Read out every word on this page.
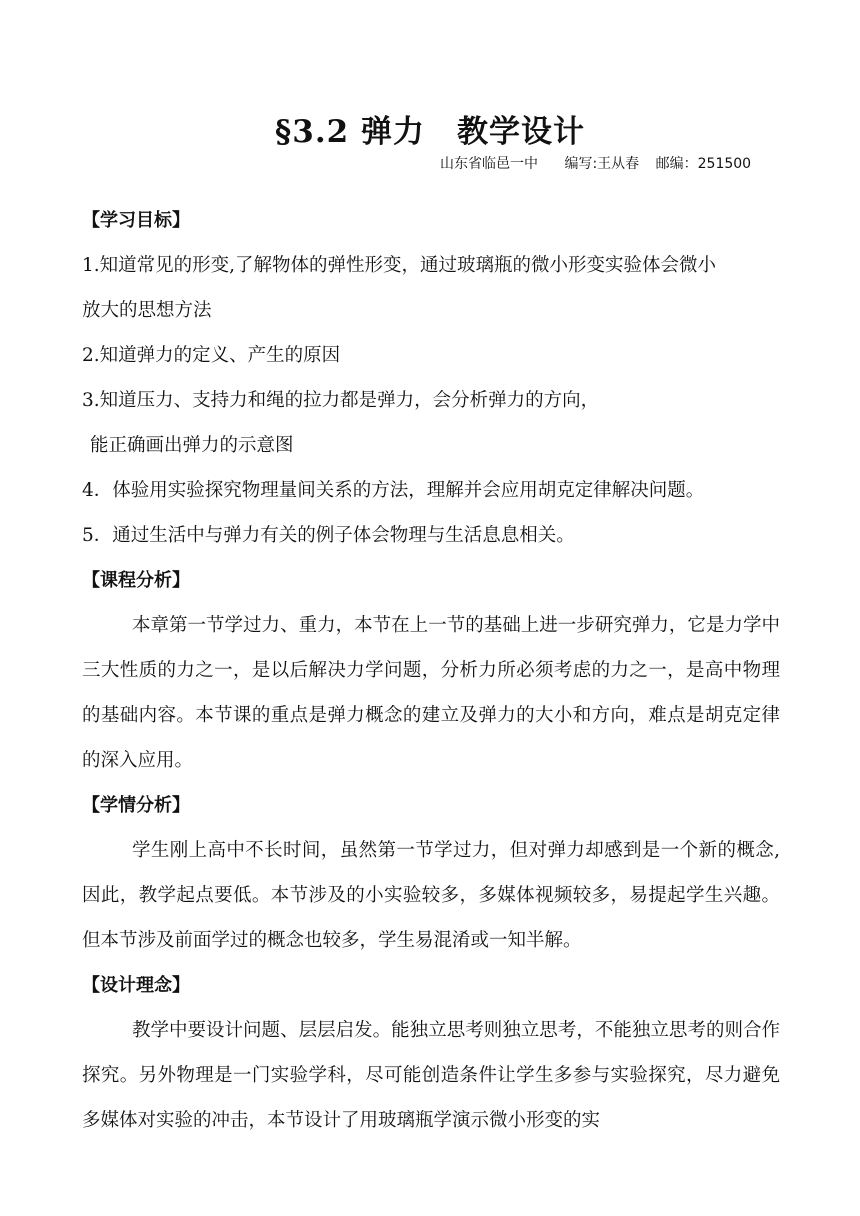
§3.2 弹力　教学设计
山东省临邑一中 编写:王从春 邮编：251500
【学习目标】
1.知道常见的形变,了解物体的弹性形变，通过玻璃瓶的微小形变实验体会微小
放大的思想方法
2.知道弹力的定义、产生的原因
3.知道压力、支持力和绳的拉力都是弹力，会分析弹力的方向，
能正确画出弹力的示意图
4．体验用实验探究物理量间关系的方法，理解并会应用胡克定律解决问题。
5．通过生活中与弹力有关的例子体会物理与生活息息相关。
【课程分析】

本章第一节学过力、重力，本节在上一节的基础上进一步研究弹力，它是力学中三大性质的力之一，是以后解决力学问题，分析力所必须考虑的力之一，是高中物理的基础内容。本节课的重点是弹力概念的建立及弹力的大小和方向，难点是胡克定律的深入应用。

【学情分析】

学生刚上高中不长时间，虽然第一节学过力，但对弹力却感到是一个新的概念,因此，教学起点要低。本节涉及的小实验较多，多媒体视频较多，易提起学生兴趣。但本节涉及前面学过的概念也较多，学生易混淆或一知半解。

【设计理念】

教学中要设计问题、层层启发。能独立思考则独立思考，不能独立思考的则合作探究。另外物理是一门实验学科，尽可能创造条件让学生多参与实验探究，尽力避免多媒体对实验的冲击，本节设计了用玻璃瓶学演示微小形变的实
